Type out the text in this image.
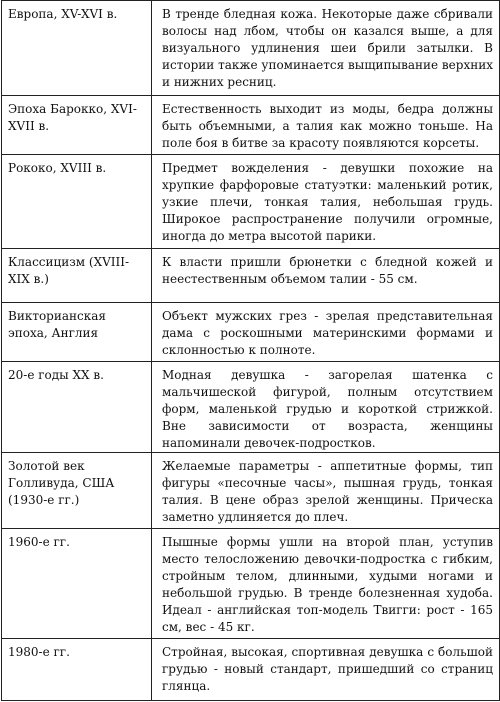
Европа, XV-XVI в.	В тренде бледная кожа. Некоторые даже сбривали волосы над лбом, чтобы он казался выше, а для визуального удлинения шеи брили затылки. В истории также упоминается выщипывание верхних и нижних ресниц.
Эпоха Барокко, XVI-XVII в.	Естественность выходит из моды, бедра должны быть объемными, а талия как можно тоньше. На поле боя в битве за красоту появляются корсеты.
Рококо, XVIII в.	Предмет вожделения - девушки похожие на хрупкие фарфоровые статуэтки: маленький ротик, узкие плечи, тонкая талия, небольшая грудь. Широкое распространение получили огромные, иногда до метра высотой парики.
Классицизм (XVIII-XIX в.)	К власти пришли брюнетки с бледной кожей и неестественным объемом талии - 55 см.
Викторианская эпоха, Англия	Объект мужских грез - зрелая представительная дама с роскошными материнскими формами и склонностью к полноте.
20-е годы XX в.	Модная девушка - загорелая шатенка с мальчишеской фигурой, полным отсутствием форм, маленькой грудью и короткой стрижкой. Вне зависимости от возраста, женщины напоминали девочек-подростков.
Золотой век Голливуда, США (1930-е гг.)	Желаемые параметры - аппетитные формы, тип фигуры «песочные часы», пышная грудь, тонкая талия. В цене образ зрелой женщины. Прическа заметно удлиняется до плеч.
1960-е гг.	Пышные формы ушли на второй план, уступив место телосложению девочки-подростка с гибким, стройным телом, длинными, худыми ногами и небольшой грудью. В тренде болезненная худоба. Идеал - английская топ-модель Твигги: рост - 165 см, вес - 45 кг.
1980-е гг.	Стройная, высокая, спортивная девушка с большой грудью - новый стандарт, пришедший со страниц глянца.
